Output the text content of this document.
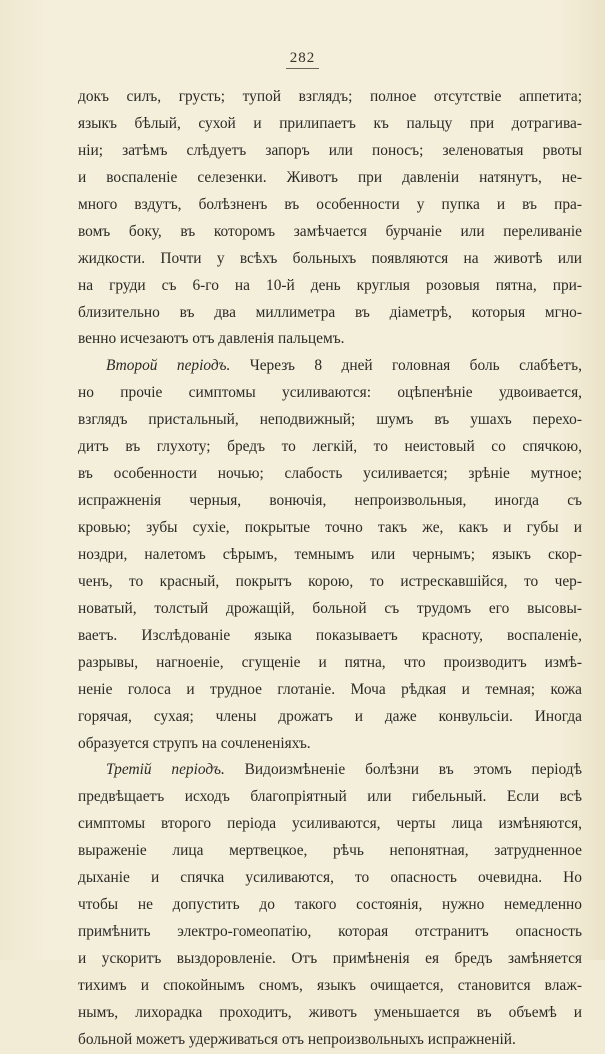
282
докъ силъ, грусть; тупой взглядъ; полное отсутствіе аппетита;
языкъ бѣлый, сухой и прилипаетъ къ пальцу при дотрагива-
ніи; затѣмъ слѣдуетъ запоръ или поносъ; зеленоватыя рвоты
и воспаленіе селезенки. Животъ при давленіи натянутъ, не-
много вздутъ, болѣзненъ въ особенности у пупка и въ пра-
вомъ боку, въ которомъ замѣчается бурчаніе или переливаніе
жидкости. Почти у всѣхъ больныхъ появляются на животѣ или
на груди съ 6-го на 10-й день круглыя розовыя пятна, при-
близительно въ два миллиметра въ діаметрѣ, которыя мгно-
венно исчезаютъ отъ давленія пальцемъ.
Второй періодъ. Черезъ 8 дней головная боль слабѣетъ,
но прочіе симптомы усиливаются: оцѣпенѣніе удвоивается,
взглядъ пристальный, неподвижный; шумъ въ ушахъ перехо-
дитъ въ глухоту; бредъ то легкій, то неистовый со спячкою,
въ особенности ночью; слабость усиливается; зрѣніе мутное;
испражненія черныя, вонючія, непроизвольныя, иногда съ
кровью; зубы сухіе, покрытые точно такъ же, какъ и губы и
ноздри, налетомъ сѣрымъ, темнымъ или чернымъ; языкъ скор-
ченъ, то красный, покрытъ корою, то истрескавшійся, то чер-
новатый, толстый дрожащій, больной съ трудомъ его высовы-
ваетъ. Изслѣдованіе языка показываетъ красноту, воспаленіе,
разрывы, нагноеніе, сгущеніе и пятна, что производитъ измѣ-
неніе голоса и трудное глотаніе. Моча рѣдкая и темная; кожа
горячая, сухая; члены дрожатъ и даже конвульсіи. Иногда
образуется струпъ на сочлененіяхъ.
Третій періодъ. Видоизмѣненіе болѣзни въ этомъ періодѣ
предвѣщаетъ исходъ благопріятный или гибельный. Если всѣ
симптомы второго періода усиливаются, черты лица измѣняются,
выраженіе лица мертвецкое, рѣчь непонятная, затрудненное
дыханіе и спячка усиливаются, то опасность очевидна. Но
чтобы не допустить до такого состоянія, нужно немедленно
примѣнить электро-гомеопатію, которая отстранитъ опасность
и ускоритъ выздоровленіе. Отъ примѣненія ея бредъ замѣняется
тихимъ и спокойнымъ сномъ, языкъ очищается, становится влаж-
нымъ, лихорадка проходитъ, животъ уменьшается въ объемѣ и
больной можетъ удерживаться отъ непроизвольныхъ испражненій.
